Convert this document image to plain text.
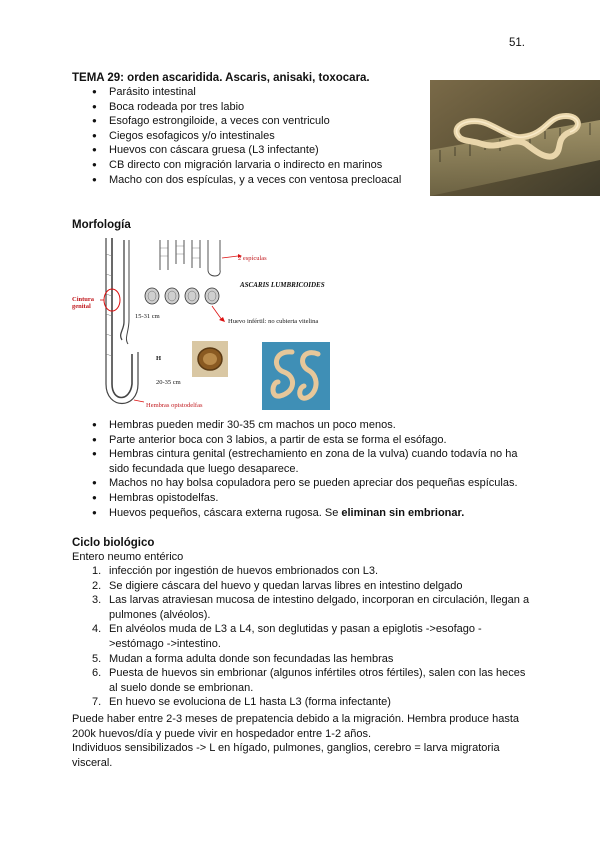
51.
TEMA 29: orden ascaridida. Ascaris, anisaki, toxocara.
● Parásito intestinal
● Boca rodeada por tres labio
● Esofago estrongiloide, a veces con ventriculo
● Ciegos esofagicos y/o intestinales
● Huevos con cáscara gruesa (L3 infectante)
● CB directo con migración larvaria o indirecto en marinos
● Macho con dos espículas, y a veces con ventosa precloacal
Morfología
2 espículas
ASCARIS LUMBRICOIDES
Cintura genital
Huevo infértil: no cubierta vitelina
15-31 cm
H
20-35 cm
Hembras opistodelfas
● Hembras pueden medir 30-35 cm machos un poco menos.
● Parte anterior boca con 3 labios, a partir de esta se forma el esófago.
● Hembras cintura genital (estrechamiento en zona de la vulva) cuando todavía no ha sido fecundada que luego desaparece.
● Machos no hay bolsa copuladora pero se pueden apreciar dos pequeñas espículas.
● Hembras opistodelfas.
● Huevos pequeños, cáscara externa rugosa. Se eliminan sin embrionar.
Ciclo biológico
Entero neumo entérico
1. infección por ingestión de huevos embrionados con L3.
2. Se digiere cáscara del huevo y quedan larvas libres en intestino delgado
3. Las larvas atraviesan mucosa de intestino delgado, incorporan en circulación, llegan a pulmones (alvéolos).
4. En alvéolos muda de L3 a L4, son deglutidas y pasan a epiglotis ->esofago ->estómago ->intestino.
5. Mudan a forma adulta donde son fecundadas las hembras
6. Puesta de huevos sin embrionar (algunos infértiles otros fértiles), salen con las heces al suelo donde se embrionan.
7. En huevo se evoluciona de L1 hasta L3 (forma infectante)
Puede haber entre 2-3 meses de prepatencia debido a la migración. Hembra produce hasta 200k huevos/día y puede vivir en hospedador entre 1-2 años.
Individuos sensibilizados -> L en hígado, pulmones, ganglios, cerebro = larva migratoria visceral.
